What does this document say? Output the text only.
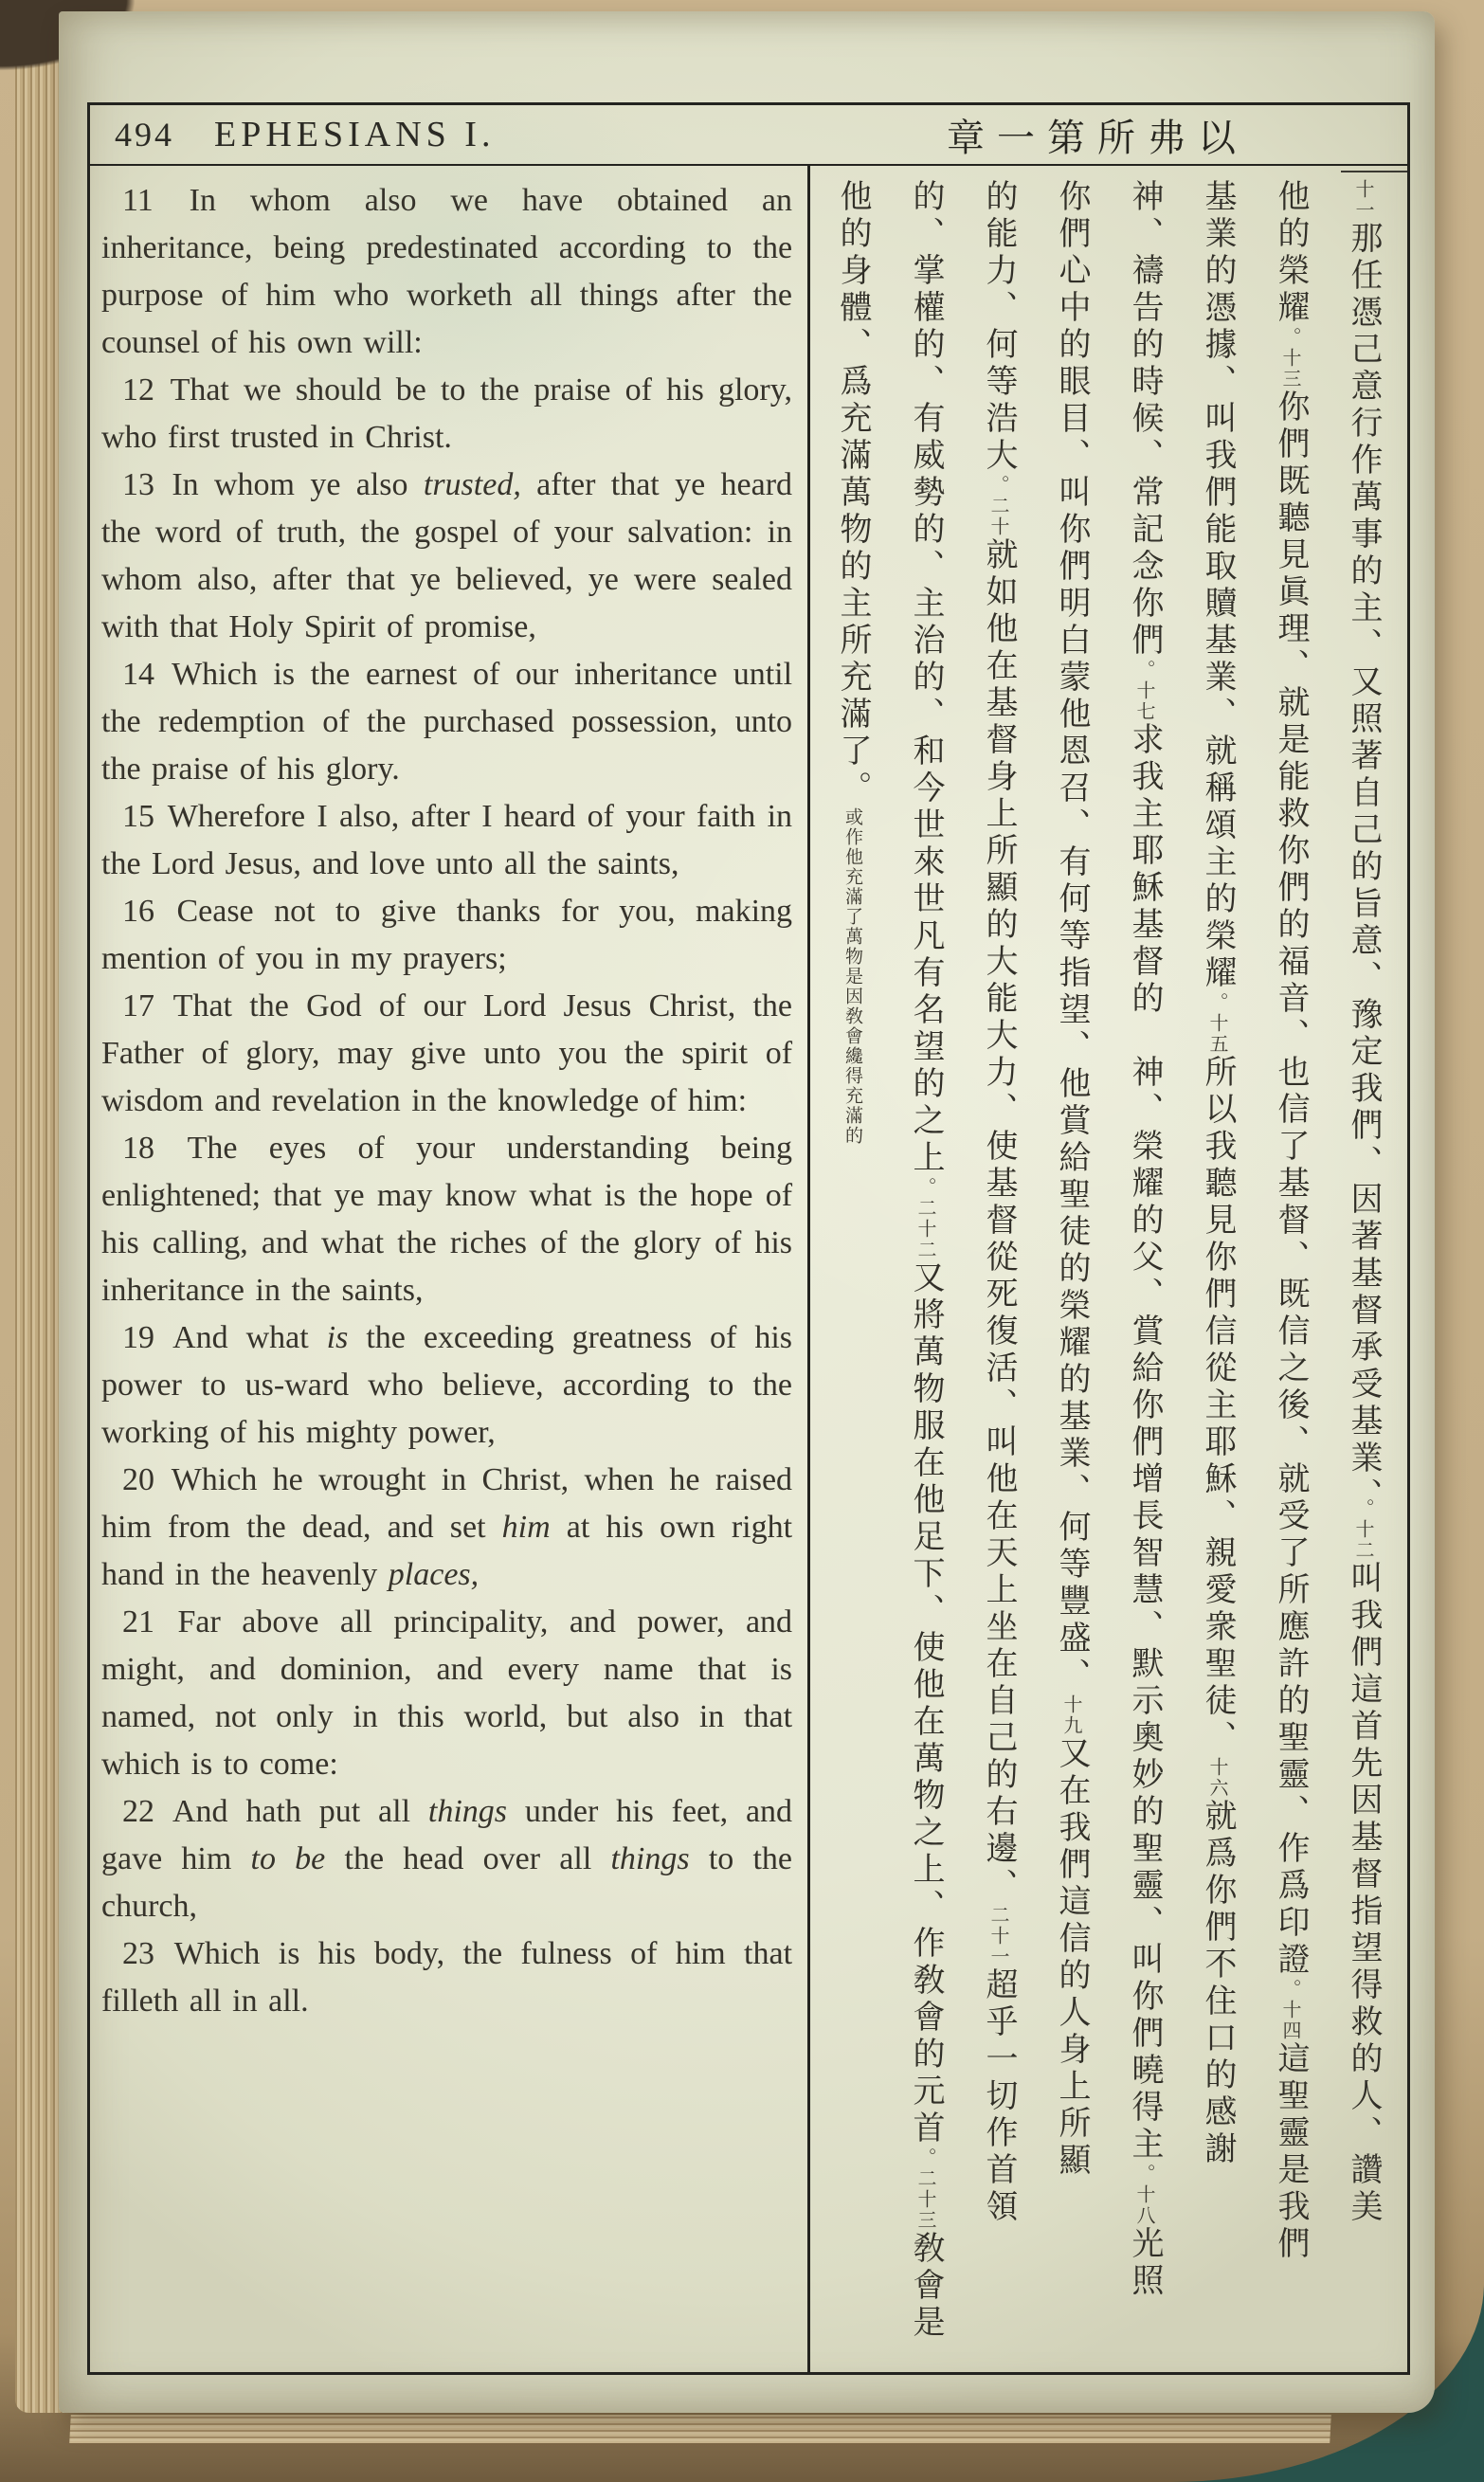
494 EPHESIANS I.	章一第所弗以

11 In whom also we have obtained an inheritance, being predestinated according to the purpose of him who worketh all things after the counsel of his own will:

12 That we should be to the praise of his glory, who first trusted in Christ.

13 In whom ye also trusted, after that ye heard the word of truth, the gospel of your salvation: in whom also, after that ye believed, ye were sealed with that Holy Spirit of promise,

14 Which is the earnest of our inheritance until the redemption of the purchased possession, unto the praise of his glory.

15 Wherefore I also, after I heard of your faith in the Lord Jesus, and love unto all the saints,

16 Cease not to give thanks for you, making mention of you in my prayers;

17 That the God of our Lord Jesus Christ, the Father of glory, may give unto you the spirit of wisdom and revelation in the knowledge of him:

18 The eyes of your understanding being enlightened; that ye may know what is the hope of his calling, and what the riches of the glory of his inheritance in the saints,

19 And what is the exceeding greatness of his power to us-ward who believe, according to the working of his mighty power,

20 Which he wrought in Christ, when he raised him from the dead, and set him at his own right hand in the heavenly places,

21 Far above all principality, and power, and might, and dominion, and every name that is named, not only in this world, but also in that which is to come:

22 And hath put all things under his feet, and gave him to be the head over all things to the church,

23 Which is his body, the fulness of him that filleth all in all.

十一那任憑己意行作萬事的主、又照著自己的旨意、豫定我們、因著基督承受基業、。十二叫我們這首先因基督指望得救的人、讚美
他的榮耀。十三你們既聽見眞理、就是能救你們的福音、也信了基督、既信之後、就受了所應許的聖靈、作爲印證。十四這聖靈是我們
基業的憑據、叫我們能取贖基業、就稱頌主的榮耀。十五所以我聽見你們信從主耶穌、親愛衆聖徒、十六就爲你們不住口的感謝
神、禱告的時候、常記念你們。十七求我主耶穌基督的　神、榮耀的父、賞給你們增長智慧、默示奧妙的聖靈、叫你們曉得主。十八光照
你們心中的眼目、叫你們明白蒙他恩召、有何等指望、他賞給聖徒的榮耀的基業、何等豐盛、十九又在我們這信的人身上所顯
的能力、何等浩大。二十就如他在基督身上所顯的大能大力、使基督從死復活、叫他在天上坐在自己的右邊、二十一超乎一切作首領
的、掌權的、有威勢的、主治的、和今世來世凡有名望的之上。二十二又將萬物服在他足下、使他在萬物之上、作敎會的元首。二十三敎會是
他的身體、爲充滿萬物的主所充滿了。或作他充滿了萬物是因敎會纔得充滿的
